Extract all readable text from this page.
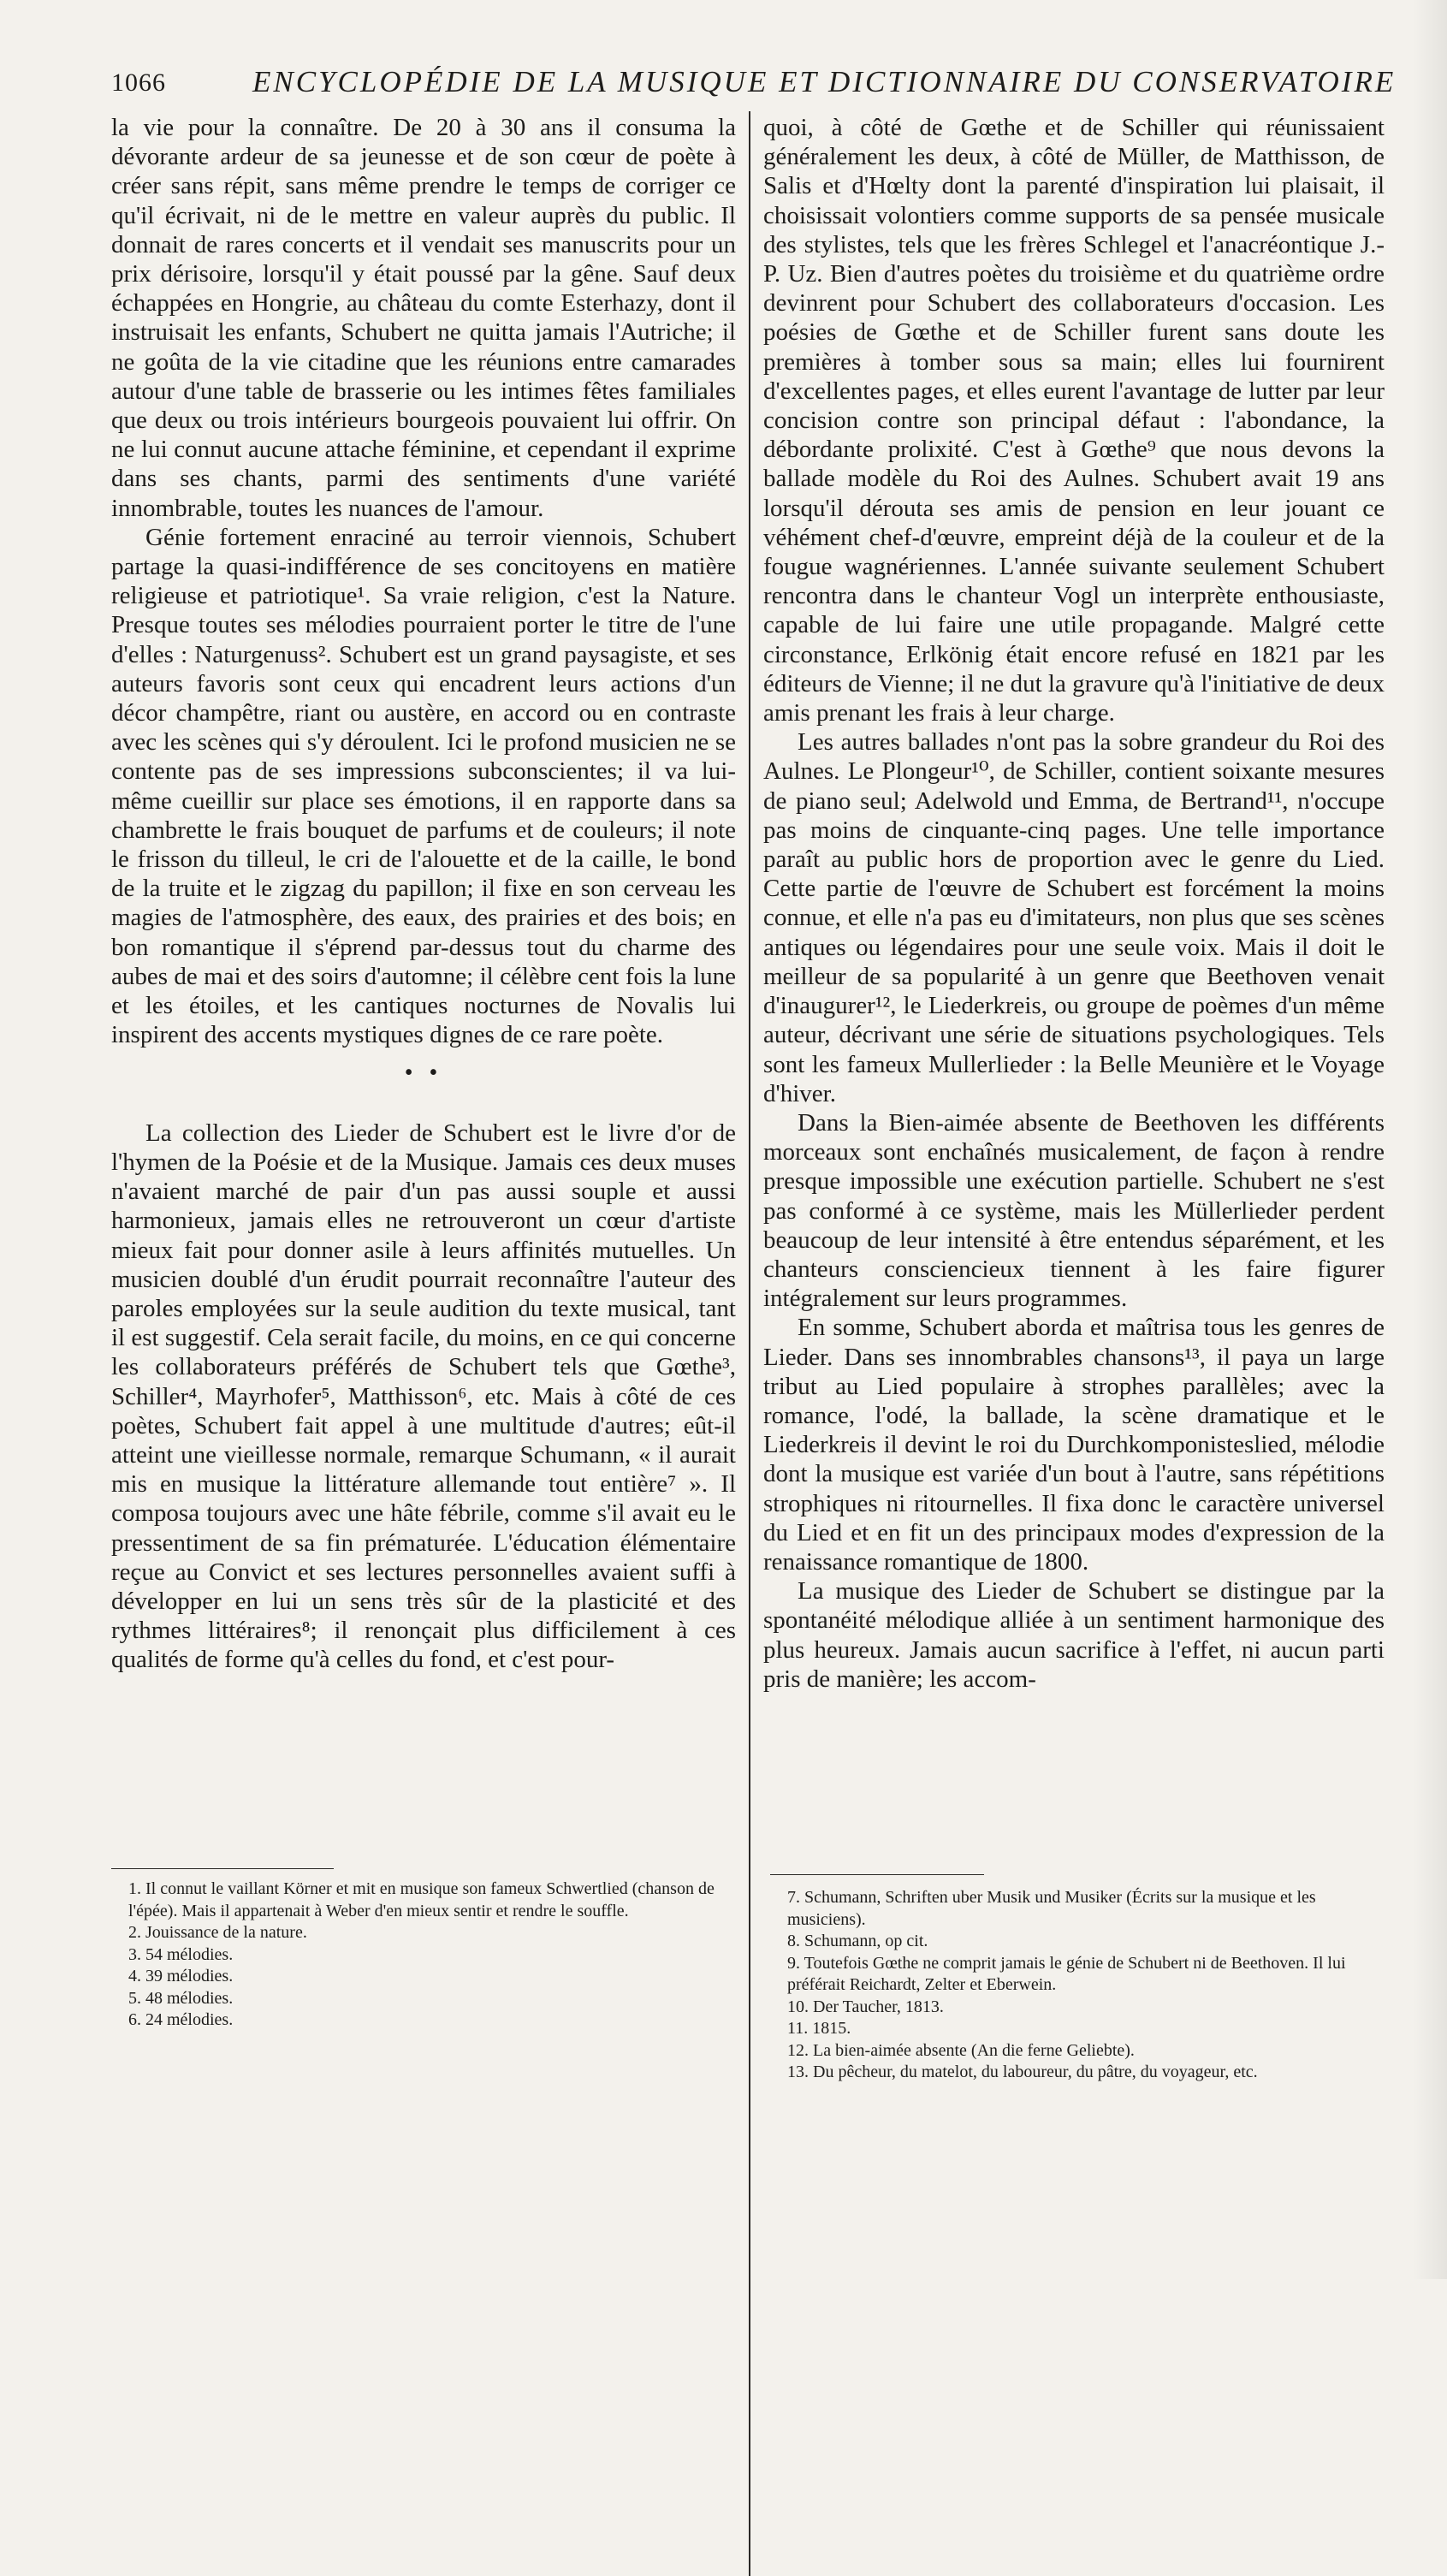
1066	ENCYCLOPÉDIE DE LA MUSIQUE ET DICTIONNAIRE DU CONSERVATOIRE

la vie pour la connaître. De 20 à 30 ans il consuma la dévorante ardeur de sa jeunesse et de son cœur de poète à créer sans répit, sans même prendre le temps de corriger ce qu'il écrivait, ni de le mettre en valeur auprès du public. Il donnait de rares concerts et il vendait ses manuscrits pour un prix dérisoire, lorsqu'il y était poussé par la gêne. Sauf deux échappées en Hongrie, au château du comte Esterhazy, dont il instruisait les enfants, Schubert ne quitta jamais l'Autriche; il ne goûta de la vie citadine que les réunions entre camarades autour d'une table de brasserie ou les intimes fêtes familiales que deux ou trois intérieurs bourgeois pouvaient lui offrir. On ne lui connut aucune attache féminine, et cependant il exprime dans ses chants, parmi des sentiments d'une variété innombrable, toutes les nuances de l'amour.

Génie fortement enraciné au terroir viennois, Schubert partage la quasi-indifférence de ses concitoyens en matière religieuse et patriotique¹. Sa vraie religion, c'est la Nature. Presque toutes ses mélodies pourraient porter le titre de l'une d'elles : Naturgenuss². Schubert est un grand paysagiste, et ses auteurs favoris sont ceux qui encadrent leurs actions d'un décor champêtre, riant ou austère, en accord ou en contraste avec les scènes qui s'y déroulent. Ici le profond musicien ne se contente pas de ses impressions subconscientes; il va lui-même cueillir sur place ses émotions, il en rapporte dans sa chambrette le frais bouquet de parfums et de couleurs; il note le frisson du tilleul, le cri de l'alouette et de la caille, le bond de la truite et le zigzag du papillon; il fixe en son cerveau les magies de l'atmosphère, des eaux, des prairies et des bois; en bon romantique il s'éprend par-dessus tout du charme des aubes de mai et des soirs d'automne; il célèbre cent fois la lune et les étoiles, et les cantiques nocturnes de Novalis lui inspirent des accents mystiques dignes de ce rare poète.

• •

La collection des Lieder de Schubert est le livre d'or de l'hymen de la Poésie et de la Musique. Jamais ces deux muses n'avaient marché de pair d'un pas aussi souple et aussi harmonieux, jamais elles ne retrouveront un cœur d'artiste mieux fait pour donner asile à leurs affinités mutuelles. Un musicien doublé d'un érudit pourrait reconnaître l'auteur des paroles employées sur la seule audition du texte musical, tant il est suggestif. Cela serait facile, du moins, en ce qui concerne les collaborateurs préférés de Schubert tels que Gœthe³, Schiller⁴, Mayrhofer⁵, Matthisson⁶, etc. Mais à côté de ces poètes, Schubert fait appel à une multitude d'autres; eût-il atteint une vieillesse normale, remarque Schumann, « il aurait mis en musique la littérature allemande tout entière⁷ ». Il composa toujours avec une hâte fébrile, comme s'il avait eu le pressentiment de sa fin prématurée. L'éducation élémentaire reçue au Convict et ses lectures personnelles avaient suffi à développer en lui un sens très sûr de la plasticité et des rythmes littéraires⁸; il renonçait plus difficilement à ces qualités de forme qu'à celles du fond, et c'est pour-

quoi, à côté de Gœthe et de Schiller qui réunissaient généralement les deux, à côté de Müller, de Matthisson, de Salis et d'Hœlty dont la parenté d'inspiration lui plaisait, il choisissait volontiers comme supports de sa pensée musicale des stylistes, tels que les frères Schlegel et l'anacréontique J.-P. Uz. Bien d'autres poètes du troisième et du quatrième ordre devinrent pour Schubert des collaborateurs d'occasion. Les poésies de Gœthe et de Schiller furent sans doute les premières à tomber sous sa main; elles lui fournirent d'excellentes pages, et elles eurent l'avantage de lutter par leur concision contre son principal défaut : l'abondance, la débordante prolixité. C'est à Gœthe⁹ que nous devons la ballade modèle du Roi des Aulnes. Schubert avait 19 ans lorsqu'il dérouta ses amis de pension en leur jouant ce véhément chef-d'œuvre, empreint déjà de la couleur et de la fougue wagnériennes. L'année suivante seulement Schubert rencontra dans le chanteur Vogl un interprète enthousiaste, capable de lui faire une utile propagande. Malgré cette circonstance, Erlkönig était encore refusé en 1821 par les éditeurs de Vienne; il ne dut la gravure qu'à l'initiative de deux amis prenant les frais à leur charge.

Les autres ballades n'ont pas la sobre grandeur du Roi des Aulnes. Le Plongeur¹⁰, de Schiller, contient soixante mesures de piano seul; Adelwold und Emma, de Bertrand¹¹, n'occupe pas moins de cinquante-cinq pages. Une telle importance paraît au public hors de proportion avec le genre du Lied. Cette partie de l'œuvre de Schubert est forcément la moins connue, et elle n'a pas eu d'imitateurs, non plus que ses scènes antiques ou légendaires pour une seule voix. Mais il doit le meilleur de sa popularité à un genre que Beethoven venait d'inaugurer¹², le Liederkreis, ou groupe de poèmes d'un même auteur, décrivant une série de situations psychologiques. Tels sont les fameux Mullerlieder : la Belle Meunière et le Voyage d'hiver.

Dans la Bien-aimée absente de Beethoven les différents morceaux sont enchaînés musicalement, de façon à rendre presque impossible une exécution partielle. Schubert ne s'est pas conformé à ce système, mais les Müllerlieder perdent beaucoup de leur intensité à être entendus séparément, et les chanteurs consciencieux tiennent à les faire figurer intégralement sur leurs programmes.

En somme, Schubert aborda et maîtrisa tous les genres de Lieder. Dans ses innombrables chansons¹³, il paya un large tribut au Lied populaire à strophes parallèles; avec la romance, l'odé, la ballade, la scène dramatique et le Liederkreis il devint le roi du Durchkomponisteslied, mélodie dont la musique est variée d'un bout à l'autre, sans répétitions strophiques ni ritournelles. Il fixa donc le caractère universel du Lied et en fit un des principaux modes d'expression de la renaissance romantique de 1800.

La musique des Lieder de Schubert se distingue par la spontanéité mélodique alliée à un sentiment harmonique des plus heureux. Jamais aucun sacrifice à l'effet, ni aucun parti pris de manière; les accom-

1. Il connut le vaillant Körner et mit en musique son fameux Schwertlied (chanson de l'épée). Mais il appartenait à Weber d'en mieux sentir et rendre le souffle.
2. Jouissance de la nature.
3. 54 mélodies.
4. 39 mélodies.
5. 48 mélodies.
6. 24 mélodies.
7. Schumann, Schriften uber Musik und Musiker (Écrits sur la musique et les musiciens).
8. Schumann, op cit.
9. Toutefois Gœthe ne comprit jamais le génie de Schubert ni de Beethoven. Il lui préférait Reichardt, Zelter et Eberwein.
10. Der Taucher, 1813.
11. 1815.
12. La bien-aimée absente (An die ferne Geliebte).
13. Du pêcheur, du matelot, du laboureur, du pâtre, du voyageur, etc.
